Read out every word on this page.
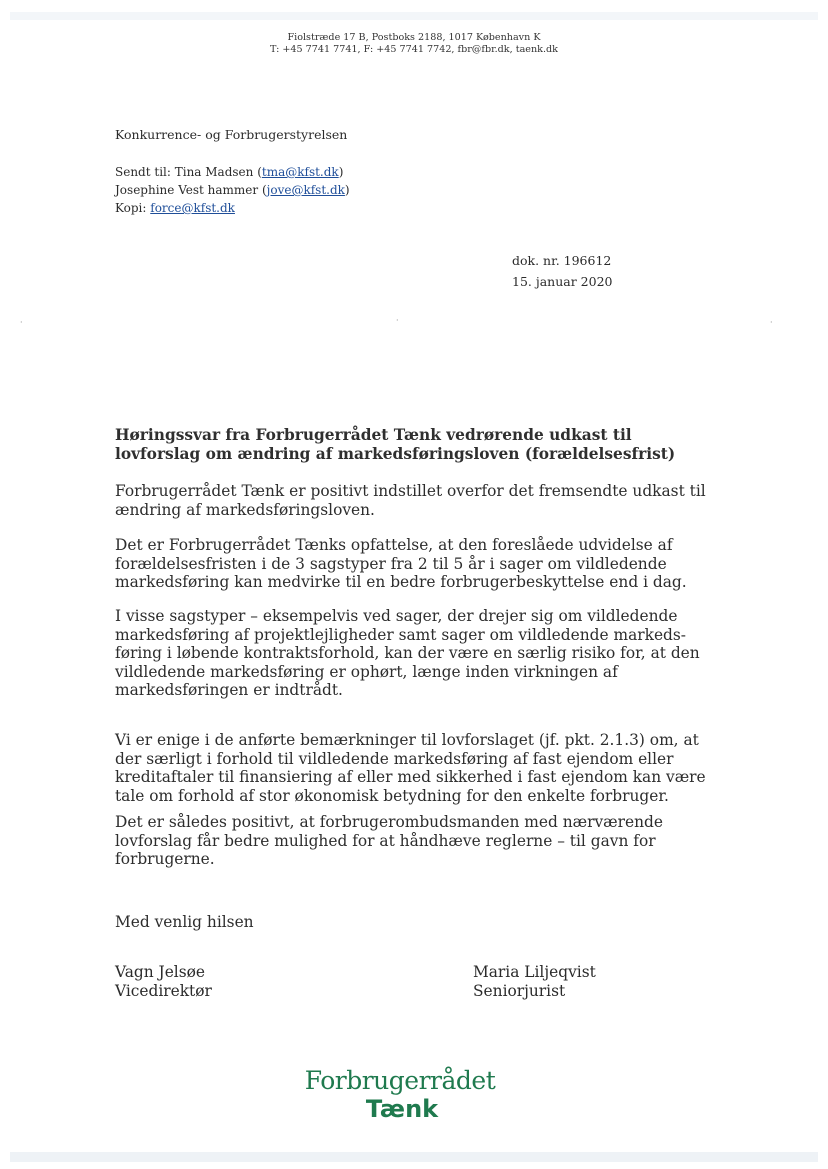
Fiolstræde 17 B, Postboks 2188, 1017 København K
T: +45 7741 7741, F: +45 7741 7742, fbr@fbr.dk, taenk.dk
Konkurrence- og Forbrugerstyrelsen
Sendt til: Tina Madsen (tma@kfst.dk)
Josephine Vest hammer (jove@kfst.dk)
Kopi: force@kfst.dk
dok. nr. 196612
15. januar 2020
·	·	·
Høringssvar fra Forbrugerrådet Tænk vedrørende udkast til
lovforslag om ændring af markedsføringsloven (forældelsesfrist)
Forbrugerrådet Tænk er positivt indstillet overfor det fremsendte udkast til
ændring af markedsføringsloven.
Det er Forbrugerrådet Tænks opfattelse, at den foreslåede udvidelse af
forældelsesfristen i de 3 sagstyper fra 2 til 5 år i sager om vildledende
markedsføring kan medvirke til en bedre forbrugerbeskyttelse end i dag.
I visse sagstyper – eksempelvis ved sager, der drejer sig om vildledende
markedsføring af projektlejligheder samt sager om vildledende markeds-
føring i løbende kontraktsforhold, kan der være en særlig risiko for, at den
vildledende markedsføring er ophørt, længe inden virkningen af
markedsføringen er indtrådt.
Vi er enige i de anførte bemærkninger til lovforslaget (jf. pkt. 2.1.3) om, at
der særligt i forhold til vildledende markedsføring af fast ejendom eller
kreditaftaler til finansiering af eller med sikkerhed i fast ejendom kan være
tale om forhold af stor økonomisk betydning for den enkelte forbruger.
Det er således positivt, at forbrugerombudsmanden med nærværende
lovforslag får bedre mulighed for at håndhæve reglerne – til gavn for
forbrugerne.
Med venlig hilsen
Vagn Jelsøe
Vicedirektør
Maria Liljeqvist
Seniorjurist
Forbrugerrådet
Tænk
